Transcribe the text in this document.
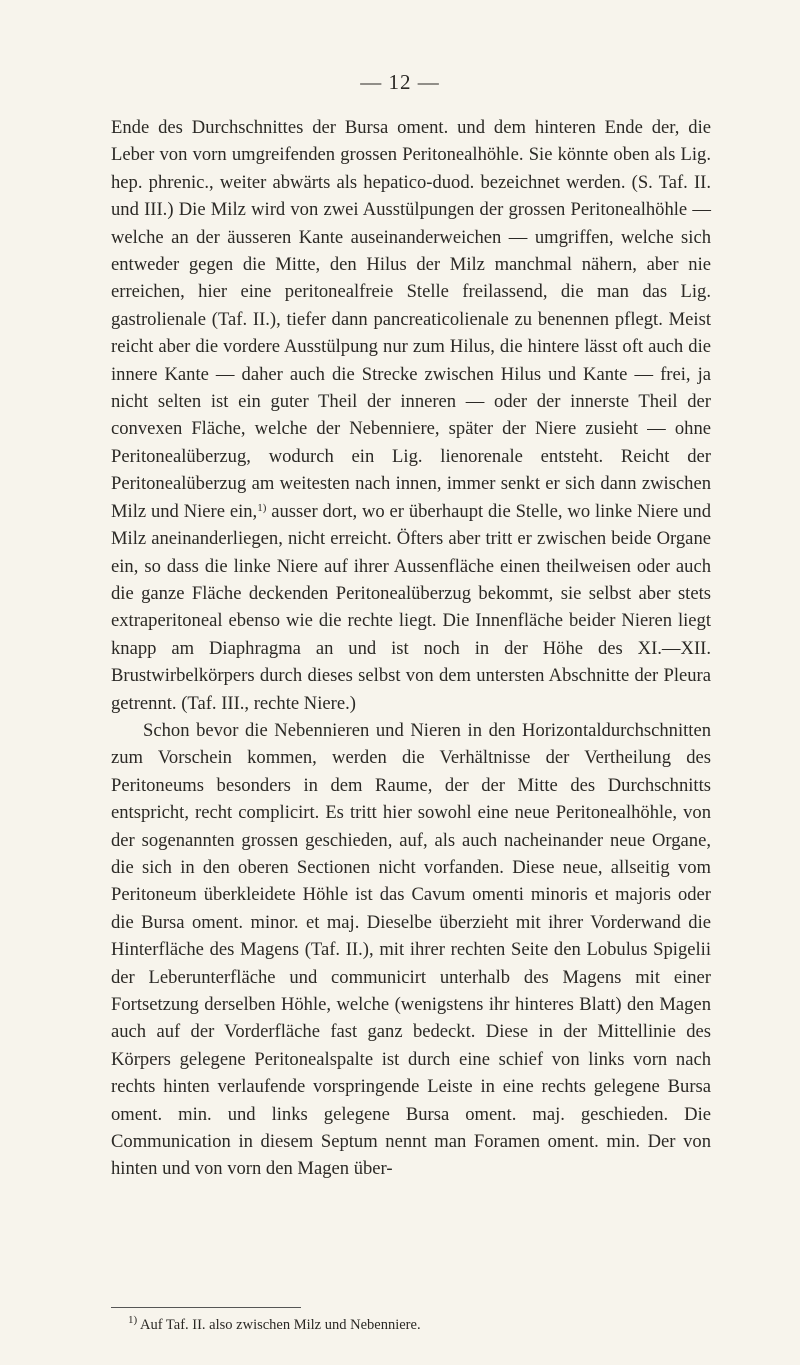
— 12 —

Ende des Durchschnittes der Bursa oment. und dem hinteren Ende der, die Leber von vorn umgreifenden grossen Peritonealhöhle. Sie könnte oben als Lig. hep. phrenic., weiter abwärts als hepatico-duod. bezeichnet werden. (S. Taf. II. und III.) Die Milz wird von zwei Ausstülpungen der grossen Peritonealhöhle — welche an der äusseren Kante auseinanderweichen — umgriffen, welche sich entweder gegen die Mitte, den Hilus der Milz manchmal nähern, aber nie erreichen, hier eine peritonealfreie Stelle freilassend, die man das Lig. gastrolienale (Taf. II.), tiefer dann pancreaticolienale zu benennen pflegt. Meist reicht aber die vordere Ausstülpung nur zum Hilus, die hintere lässt oft auch die innere Kante — daher auch die Strecke zwischen Hilus und Kante — frei, ja nicht selten ist ein guter Theil der inneren — oder der innerste Theil der convexen Fläche, welche der Nebenniere, später der Niere zusieht — ohne Peritonealüberzug, wodurch ein Lig. lienorenale entsteht. Reicht der Peritonealüberzug am weitesten nach innen, immer senkt er sich dann zwischen Milz und Niere ein,$^{1)}$ ausser dort, wo er überhaupt die Stelle, wo linke Niere und Milz aneinanderliegen, nicht erreicht. Öfters aber tritt er zwischen beide Organe ein, so dass die linke Niere auf ihrer Aussenfläche einen theilweisen oder auch die ganze Fläche deckenden Peritonealüberzug bekommt, sie selbst aber stets extraperitoneal ebenso wie die rechte liegt. Die Innenfläche beider Nieren liegt knapp am Diaphragma an und ist noch in der Höhe des XI.—XII. Brustwirbelkörpers durch dieses selbst von dem untersten Abschnitte der Pleura getrennt. (Taf. III., rechte Niere.)

Schon bevor die Nebennieren und Nieren in den Horizontaldurchschnitten zum Vorschein kommen, werden die Verhältnisse der Vertheilung des Peritoneums besonders in dem Raume, der der Mitte des Durchschnitts entspricht, recht complicirt. Es tritt hier sowohl eine neue Peritonealhöhle, von der sogenannten grossen geschieden, auf, als auch nacheinander neue Organe, die sich in den oberen Sectionen nicht vorfanden. Diese neue, allseitig vom Peritoneum überkleidete Höhle ist das Cavum omenti minoris et majoris oder die Bursa oment. minor. et maj. Dieselbe überzieht mit ihrer Vorderwand die Hinterfläche des Magens (Taf. II.), mit ihrer rechten Seite den Lobulus Spigelii der Leberunterfläche und communicirt unterhalb des Magens mit einer Fortsetzung derselben Höhle, welche (wenigstens ihr hinteres Blatt) den Magen auch auf der Vorderfläche fast ganz bedeckt. Diese in der Mittellinie des Körpers gelegene Peritonealspalte ist durch eine schief von links vorn nach rechts hinten verlaufende vorspringende Leiste in eine rechts gelegene Bursa oment. min. und links gelegene Bursa oment. maj. geschieden. Die Communication in diesem Septum nennt man Foramen oment. min. Der von hinten und von vorn den Magen über-

$^{1)}$ Auf Taf. II. also zwischen Milz und Nebenniere.
